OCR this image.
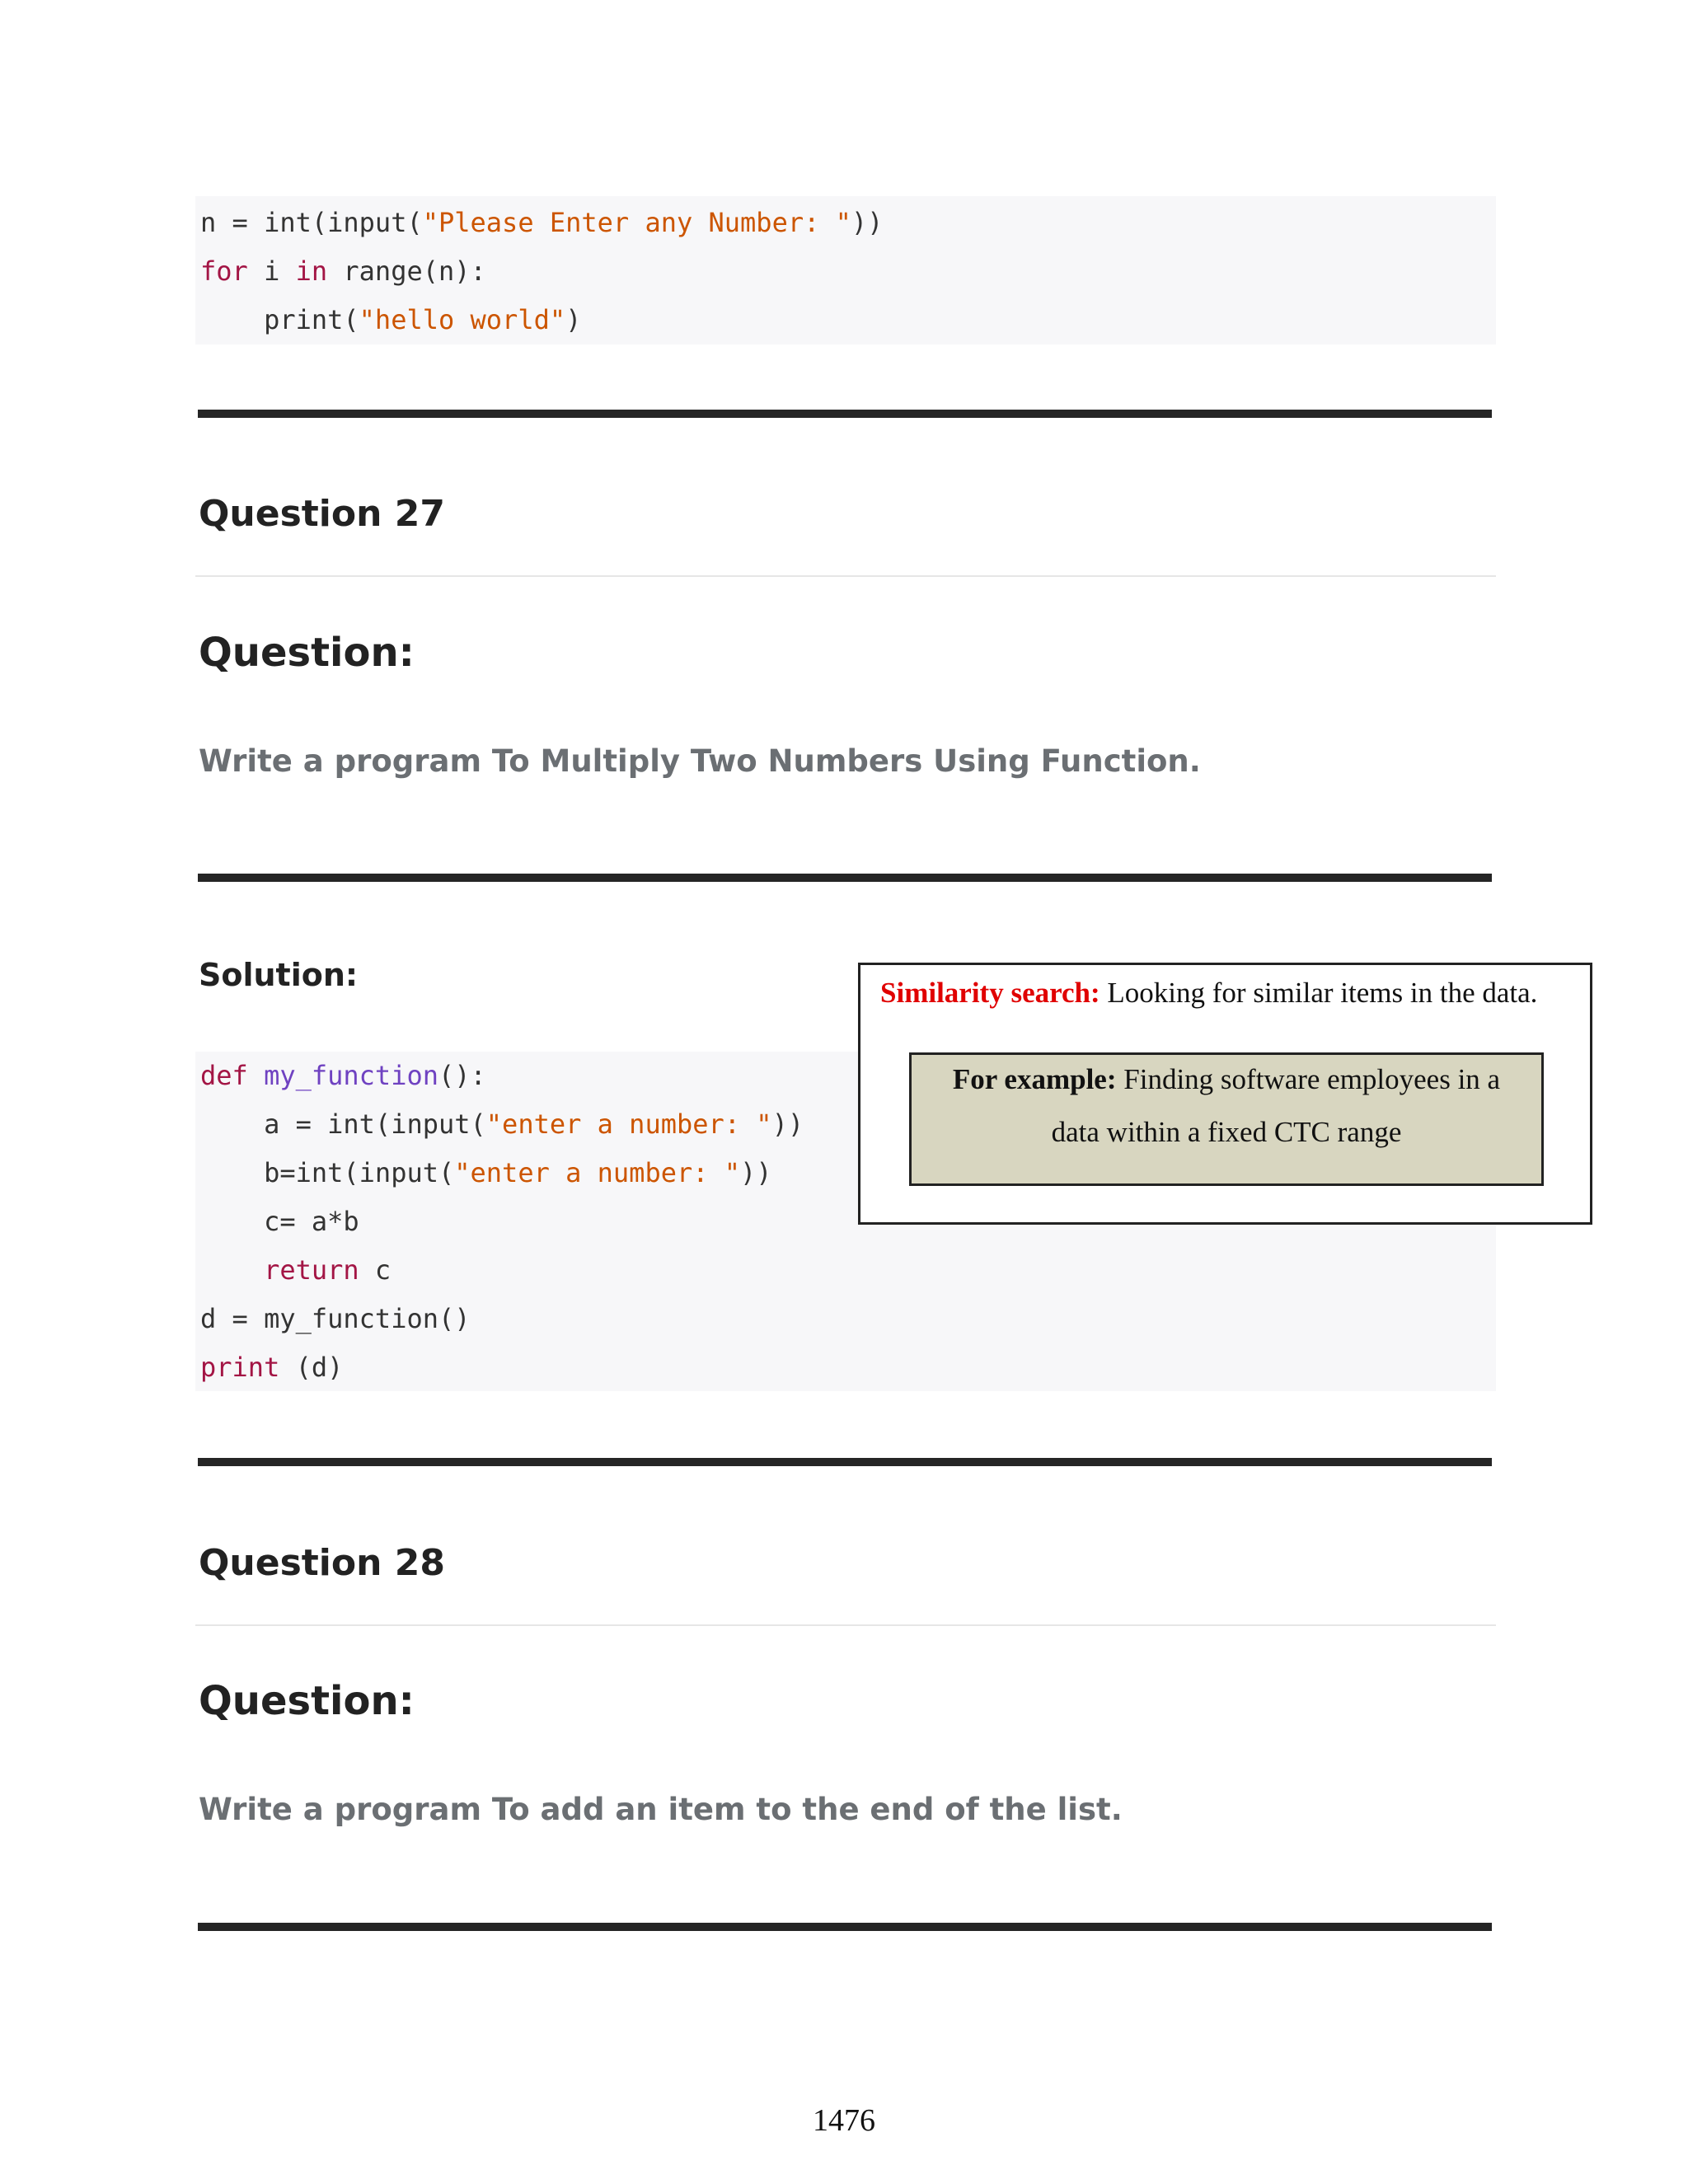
n = int(input("Please Enter any Number: "))
for i in range(n):
print("hello world")
Question 27
Question:
Write a program To Multiply Two Numbers Using Function.
Solution:
def my_function():
a = int(input("enter a number: "))
b=int(input("enter a number: "))
c= a*b
return c
d = my_function()
print (d)
Similarity search: Looking for similar items in the data.
For example: Finding software employees in a
data within a fixed CTC range
Question 28
Question:
Write a program To add an item to the end of the list.
1476
